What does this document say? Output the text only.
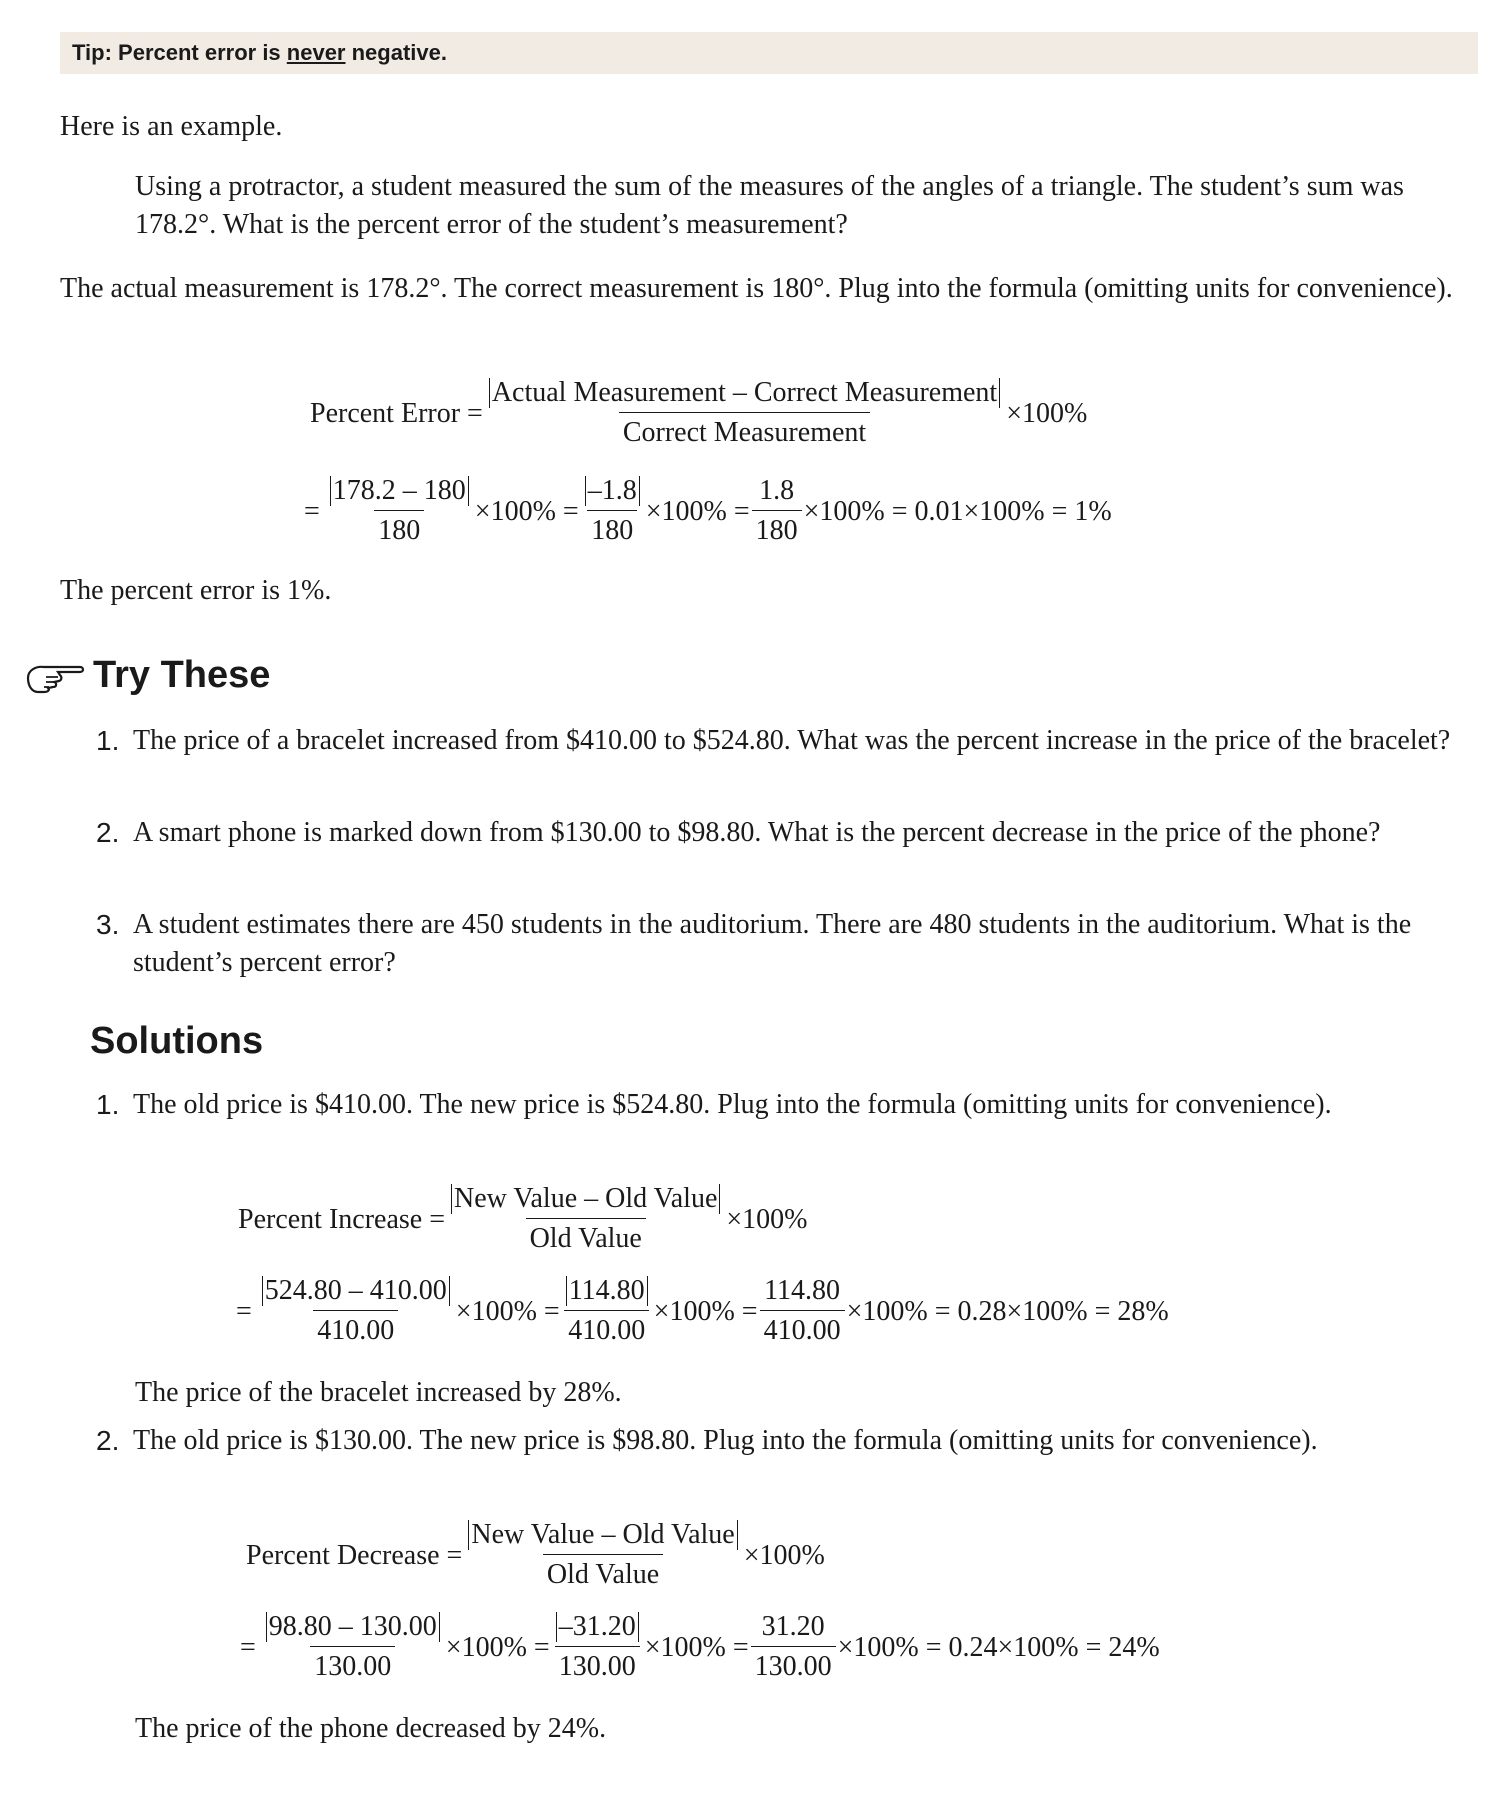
Tip: Percent error is never negative.
Here is an example.
Using a protractor, a student measured the sum of the measures of the angles of a triangle. The student’s sum was 178.2°. What is the percent error of the student’s measurement?
The actual measurement is 178.2°. The correct measurement is 180°. Plug into the formula (omitting units for convenience).
Percent Error = $\frac{\text{Actual Measurement – Correct Measurement}}{\text{Correct Measurement}} \times 100\%$
= $\frac{178.2 - 180}{180} \times 100\% = \frac{-1.8}{180} \times 100\% = \frac{1.8}{180} \times 100\% = 0.01\times 100\% = 1\%$
The percent error is 1%.
Try These
1. The price of a bracelet increased from $410.00 to $524.80. What was the percent increase in the price of the bracelet?
2. A smart phone is marked down from $130.00 to $98.80. What is the percent decrease in the price of the phone?
3. A student estimates there are 450 students in the auditorium. There are 480 students in the auditorium. What is the student’s percent error?
Solutions
1. The old price is $410.00. The new price is $524.80. Plug into the formula (omitting units for convenience).
Percent Increase = $\frac{\text{New Value – Old Value}}{\text{Old Value}} \times 100\%$
= $\frac{524.80 - 410.00}{410.00} \times 100\% = \frac{114.80}{410.00} \times 100\% = \frac{114.80}{410.00} \times 100\% = 0.28\times 100\% = 28\%$
The price of the bracelet increased by 28%.
2. The old price is $130.00. The new price is $98.80. Plug into the formula (omitting units for convenience).
Percent Decrease = $\frac{\text{New Value – Old Value}}{\text{Old Value}} \times 100\%$
= $\frac{98.80 - 130.00}{130.00} \times 100\% = \frac{-31.20}{130.00} \times 100\% = \frac{31.20}{130.00} \times 100\% = 0.24\times 100\% = 24\%$
The price of the phone decreased by 24%.
